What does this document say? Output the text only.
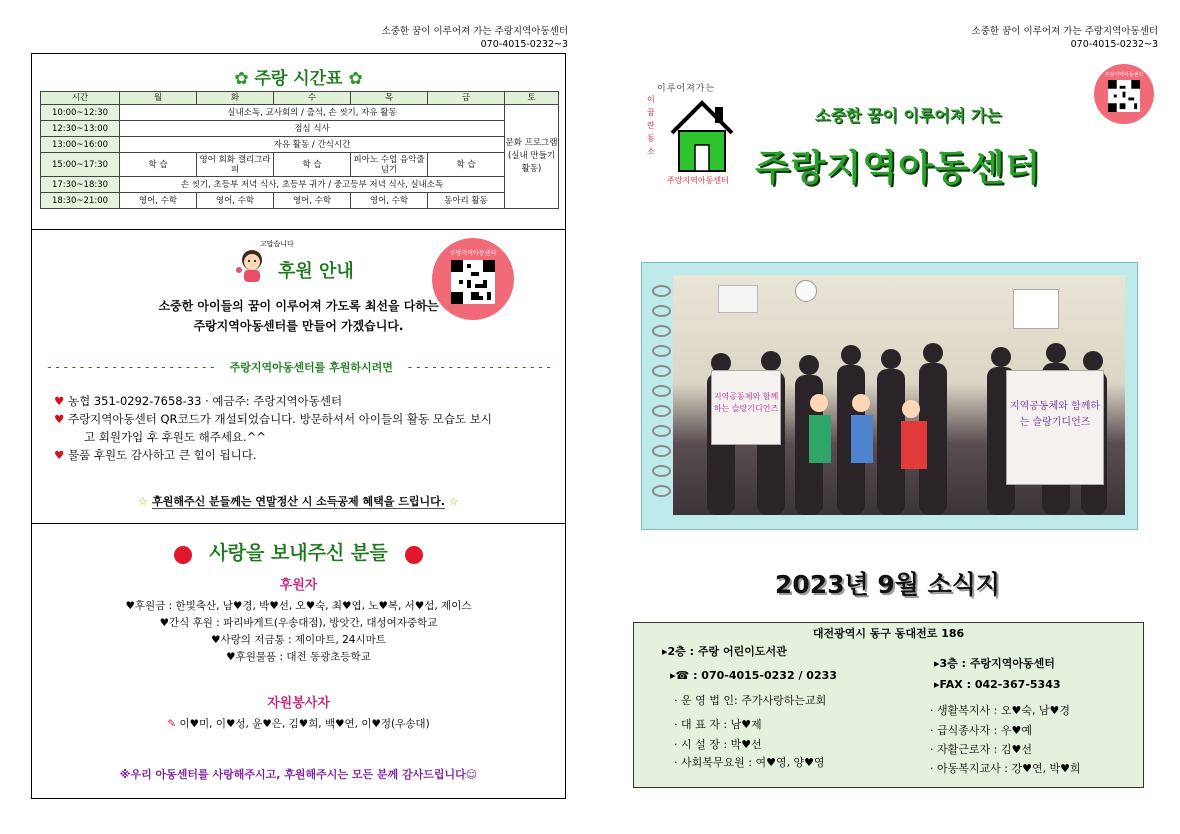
소중한 꿈이 이루어져 가는 주랑지역아동센터
070-4015-0232~3
소중한 꿈이 이루어져 가는 주랑지역아동센터
070-4015-0232~3
✿ 주랑 시간표 ✿
시간	월	화	수	목	금	토
10:00~12:30	실내소독, 교사회의 / 출석, 손 씻기, 자유 활동					문화 프로그램 (실내 만들기 활동)
12:30~13:00	점심 식사					
13:00~16:00	자유 활동 / 간식시간					
15:00~17:30	학 습	영어 회화 캘리그라피	학 습	피아노 수업 음악줄넘기	학 습	
17:30~18:30	손 씻기, 초등부 저녁 식사, 초등부 귀가 / 중고등부 저녁 식사, 실내소독					
18:30~21:00	영어, 수학	영어, 수학	영어, 수학	영어, 수학	동아리 활동	
고맙습니다
후원 안내
주랑지역아동센터
소중한 아이들의 꿈이 이루어져 가도록 최선을 다하는
주랑지역아동센터를 만들어 가겠습니다.
- - - - - - - - - - - - - - - - - - - - - 주랑지역아동센터를 후원하시려면 - - - - - - - - - - - - - - - - - -
♥ 농협 351-0292-7658-33 · 예금주: 주랑지역아동센터
♥ 주랑지역아동센터 QR코드가 개설되었습니다. 방문하셔서 아이들의 활동 모습도 보시
고 회원가입 후 후원도 해주세요.^^
♥ 물품 후원도 감사하고 큰 힘이 됩니다.
☆ 후원해주신 분들께는 연말정산 시 소득공제 혜택을 드립니다. ☆
사랑을 보내주신 분들
후원자
♥후원금 : 한빛축산, 남♥경, 박♥선, 오♥숙, 최♥엽, 노♥복, 서♥섭, 제이스
♥간식 후원 : 파리바게트(우송대점), 방앗간, 대성여자중학교
♥사랑의 저금통 : 제이마트, 24시마트
♥후원물품 : 대전 동광초등학교
자원봉사자
✎ 이♥미, 이♥성, 윤♥은, 김♥희, 백♥연, 이♥정(우송대)
※우리 아동센터를 사랑해주시고, 후원해주시는 모든 분께 감사드립니다☺
이루어져가는
이 꿈 란 동 소
주랑지역아동센터
소중한 꿈이 이루어져 가는
주랑지역아동센터
주랑지역아동센터
지역공동체와 함께하는 슬랑기디언즈	지역공동체와 함께하는 슬랑기디언즈
2023년 9월 소식지
대전광역시 동구 동대전로 186
▸2층 : 주랑 어린이도서관
▸3층 : 주랑지역아동센터
▸☎ : 070-4015-0232 / 0233
▸FAX : 042-367-5343
· 운 영 법 인: 주가사랑하는교회
· 대 표 자 : 남♥제
· 시 설 장 : 박♥선
· 사회복무요원 : 여♥영, 양♥영
· 생활복지사 : 오♥숙, 남♥경
· 급식종사자 : 우♥예
· 자활근로자 : 김♥선
· 아동복지교사 : 강♥연, 박♥희
